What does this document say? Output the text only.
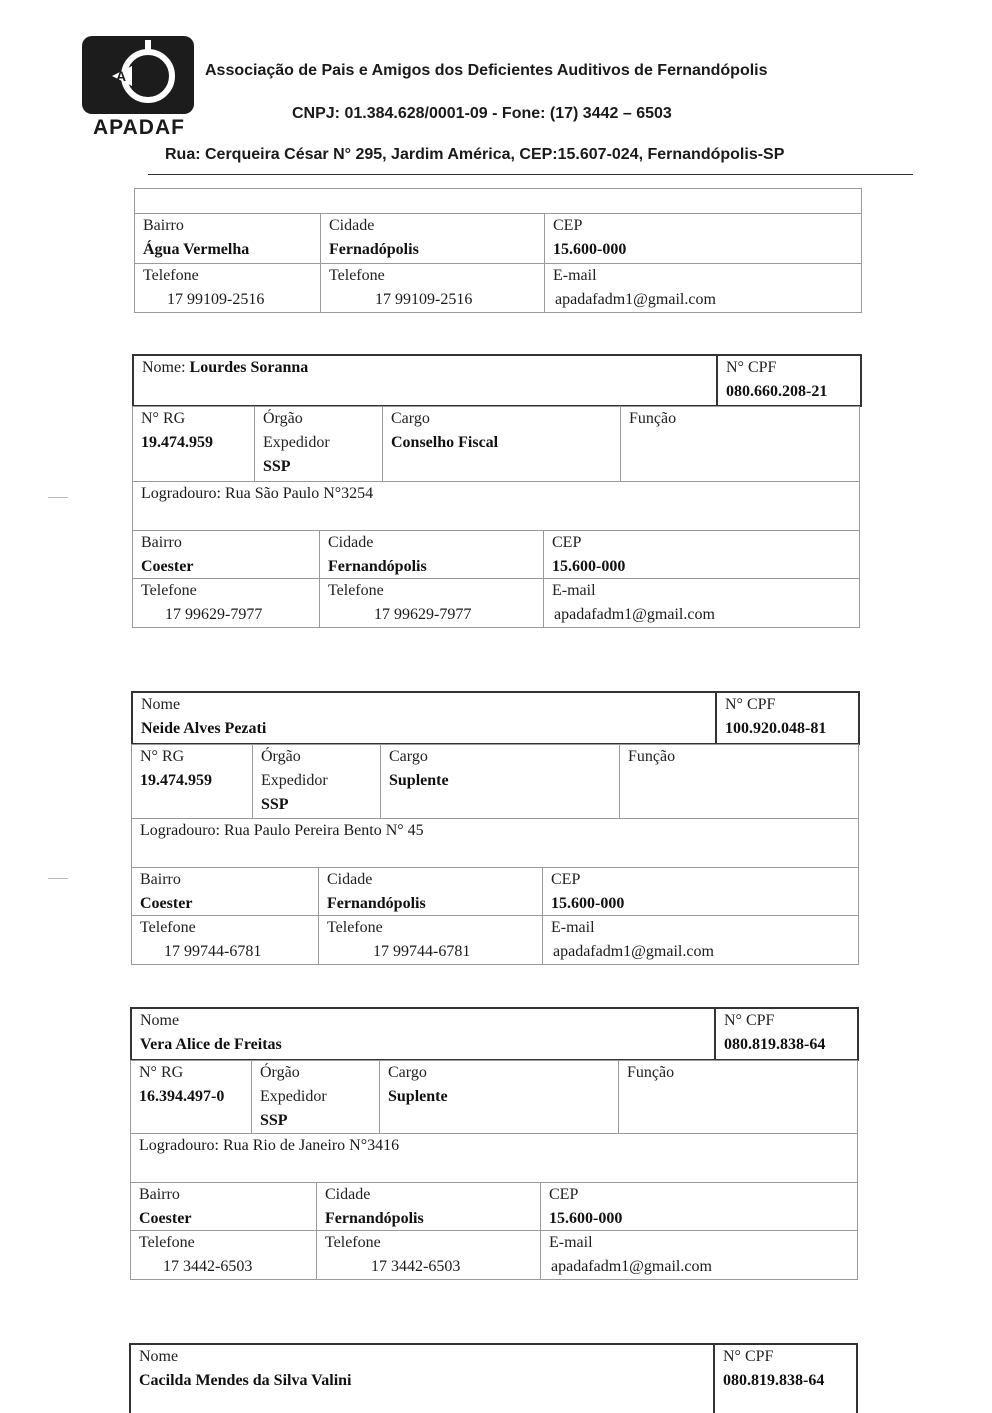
A
APADAF
Associação de Pais e Amigos dos Deficientes Auditivos de Fernandópolis
CNPJ: 01.384.628/0001-09 - Fone: (17) 3442 – 6503
Rua: Cerqueira César N° 295, Jardim América, CEP:15.607-024, Fernandópolis-SP
Bairro
Água Vermelha
Cidade
Fernadópolis
CEP
15.600-000
Telefone
17 99109-2516
Telefone
17 99109-2516
E-mail
apadafadm1@gmail.com
Nome: Lourdes Soranna	N° CPF
080.660.208-21
N° RG
19.474.959
Órgão
Expedidor
SSP
Cargo
Conselho Fiscal
Função
Logradouro: Rua São Paulo N°3254
Bairro
Coester
Cidade
Fernandópolis
CEP
15.600-000
Telefone
17 99629-7977
Telefone
17 99629-7977
E-mail
apadafadm1@gmail.com
Nome
Neide Alves Pezati
N° CPF
100.920.048-81
N° RG
19.474.959
Órgão
Expedidor
SSP
Cargo
Suplente
Função
Logradouro: Rua Paulo Pereira Bento N° 45
Bairro
Coester
Cidade
Fernandópolis
CEP
15.600-000
Telefone
17 99744-6781
Telefone
17 99744-6781
E-mail
apadafadm1@gmail.com
Nome
Vera Alice de Freitas
N° CPF
080.819.838-64
N° RG
16.394.497-0
Órgão
Expedidor
SSP
Cargo
Suplente
Função
Logradouro: Rua Rio de Janeiro N°3416
Bairro
Coester
Cidade
Fernandópolis
CEP
15.600-000
Telefone
17 3442-6503
Telefone
17 3442-6503
E-mail
apadafadm1@gmail.com
Nome
Cacilda Mendes da Silva Valini
N° CPF
080.819.838-64
